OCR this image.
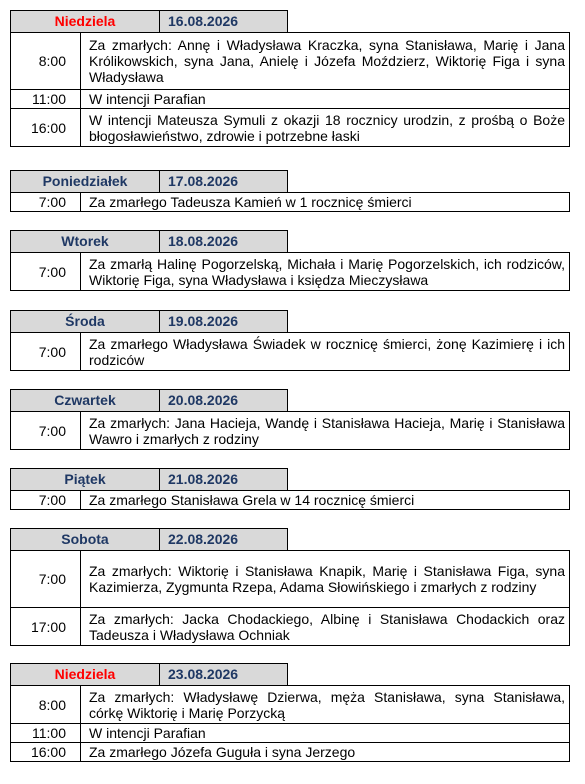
Niedziela	16.08.2026
8:00	Za zmarłych: Annę i Władysława Kraczka, syna Stanisława, Marię i Jana Królikowskich, syna Jana, Anielę i Józefa Moździerz, Wiktorię Figa i syna Władysława
11:00	W intencji Parafian
16:00	W intencji Mateusza Symuli z okazji 18 rocznicy urodzin, z prośbą o Boże błogosławieństwo, zdrowie i potrzebne łaski
Poniedziałek	17.08.2026
7:00	Za zmarłego Tadeusza Kamień w 1 rocznicę śmierci
Wtorek	18.08.2026
7:00	Za zmarłą Halinę Pogorzelską, Michała i Marię Pogorzelskich, ich rodziców, Wiktorię Figa, syna Władysława i księdza Mieczysława
Środa	19.08.2026
7:00	Za zmarłego Władysława Świadek w rocznicę śmierci, żonę Kazimierę i ich rodziców
Czwartek	20.08.2026
7:00	Za zmarłych: Jana Hacieja, Wandę i Stanisława Hacieja, Marię i Stanisława Wawro i zmarłych z rodziny
Piątek	21.08.2026
7:00	Za zmarłego Stanisława Grela w 14 rocznicę śmierci
Sobota	22.08.2026
7:00	Za zmarłych: Wiktorię i Stanisława Knapik, Marię i Stanisława Figa, syna Kazimierza, Zygmunta Rzepa, Adama Słowińskiego i zmarłych z rodziny
17:00	Za zmarłych: Jacka Chodackiego, Albinę i Stanisława Chodackich oraz Tadeusza i Władysława Ochniak
Niedziela	23.08.2026
8:00	Za zmarłych: Władysławę Dzierwa, męża Stanisława, syna Stanisława, córkę Wiktorię i Marię Porzycką
11:00	W intencji Parafian
16:00	Za zmarłego Józefa Guguła i syna Jerzego
